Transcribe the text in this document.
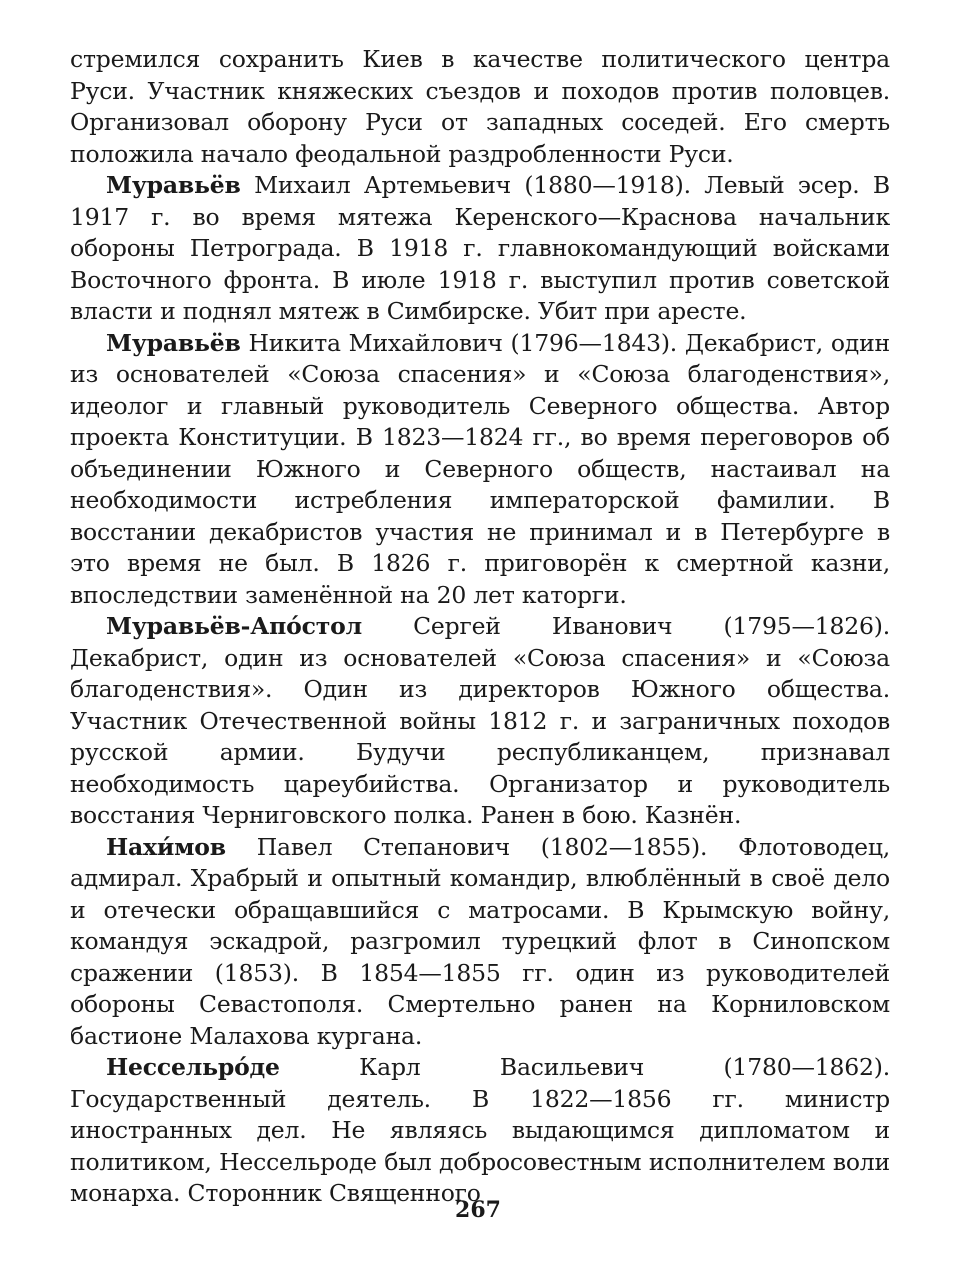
стремился сохранить Киев в качестве политического центра Руси. Участник княжеских съездов и походов против половцев. Организовал оборону Руси от западных соседей. Его смерть положила начало феодальной раздробленности Руси.

Муравьёв Михаил Артемьевич (1880—1918). Левый эсер. В 1917 г. во время мятежа Керенского—Краснова начальник обороны Петрограда. В 1918 г. главнокомандующий войсками Восточного фронта. В июле 1918 г. выступил против советской власти и поднял мятеж в Симбирске. Убит при аресте.

Муравьёв Никита Михайлович (1796—1843). Декабрист, один из основателей «Союза спасения» и «Союза благоденствия», идеолог и главный руководитель Северного общества. Автор проекта Конституции. В 1823—1824 гг., во время переговоров об объединении Южного и Северного обществ, настаивал на необходимости истребления императорской фамилии. В восстании декабристов участия не принимал и в Петербурге в это время не был. В 1826 г. приговорён к смертной казни, впоследствии заменённой на 20 лет каторги.

Муравьёв-Апóстол Сергей Иванович (1795—1826). Декабрист, один из основателей «Союза спасения» и «Союза благоденствия». Один из директоров Южного общества. Участник Отечественной войны 1812 г. и заграничных походов русской армии. Будучи республиканцем, признавал необходимость цареубийства. Организатор и руководитель восстания Черниговского полка. Ранен в бою. Казнён.

Нахи́мов Павел Степанович (1802—1855). Флотоводец, адмирал. Храбрый и опытный командир, влюблённый в своё дело и отечески обращавшийся с матросами. В Крымскую войну, командуя эскадрой, разгромил турецкий флот в Синопском сражении (1853). В 1854—1855 гг. один из руководителей обороны Севастополя. Смертельно ранен на Корниловском бастионе Малахова кургана.

Нессельрóде Карл Васильевич (1780—1862). Государственный деятель. В 1822—1856 гг. министр иностранных дел. Не являясь выдающимся дипломатом и политиком, Нессельроде был добросовестным исполнителем воли монарха. Сторонник Священного

267
